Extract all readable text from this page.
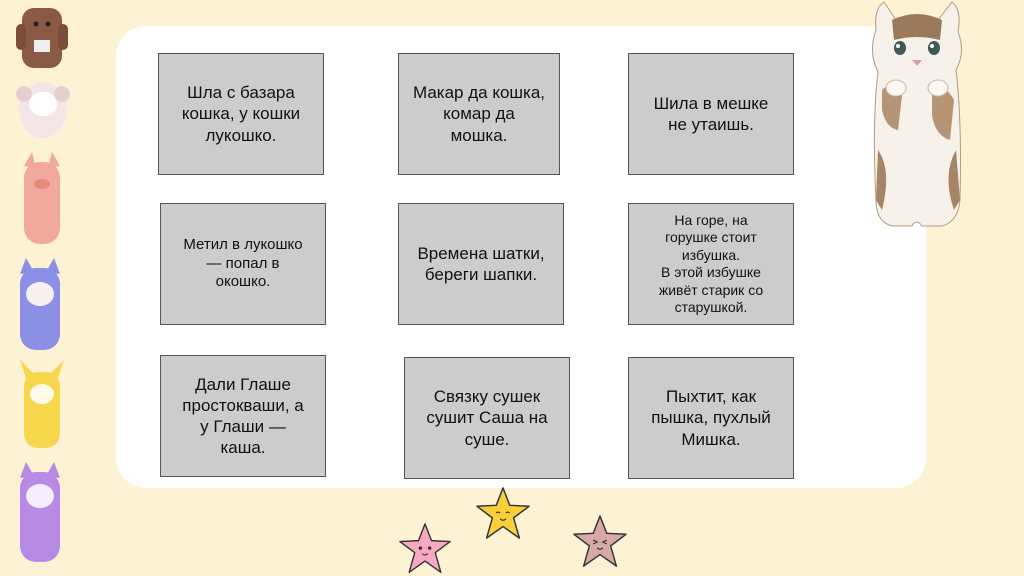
Шла с базара
кошка, у кошки
лукошко.
Макар да кошка,
комар да
мошка.
Шила в мешке
не утаишь.
Метил в лукошко
— попал в
окошко.
Времена шатки,
береги шапки.
На горе, на
горушке стоит
избушка.
В этой избушке
живёт старик со
старушкой.
Дали Глаше
простокваши, а
у Глаши —
каша.
Связку сушек
сушит Саша на
суше.
Пыхтит, как
пышка, пухлый
Мишка.
